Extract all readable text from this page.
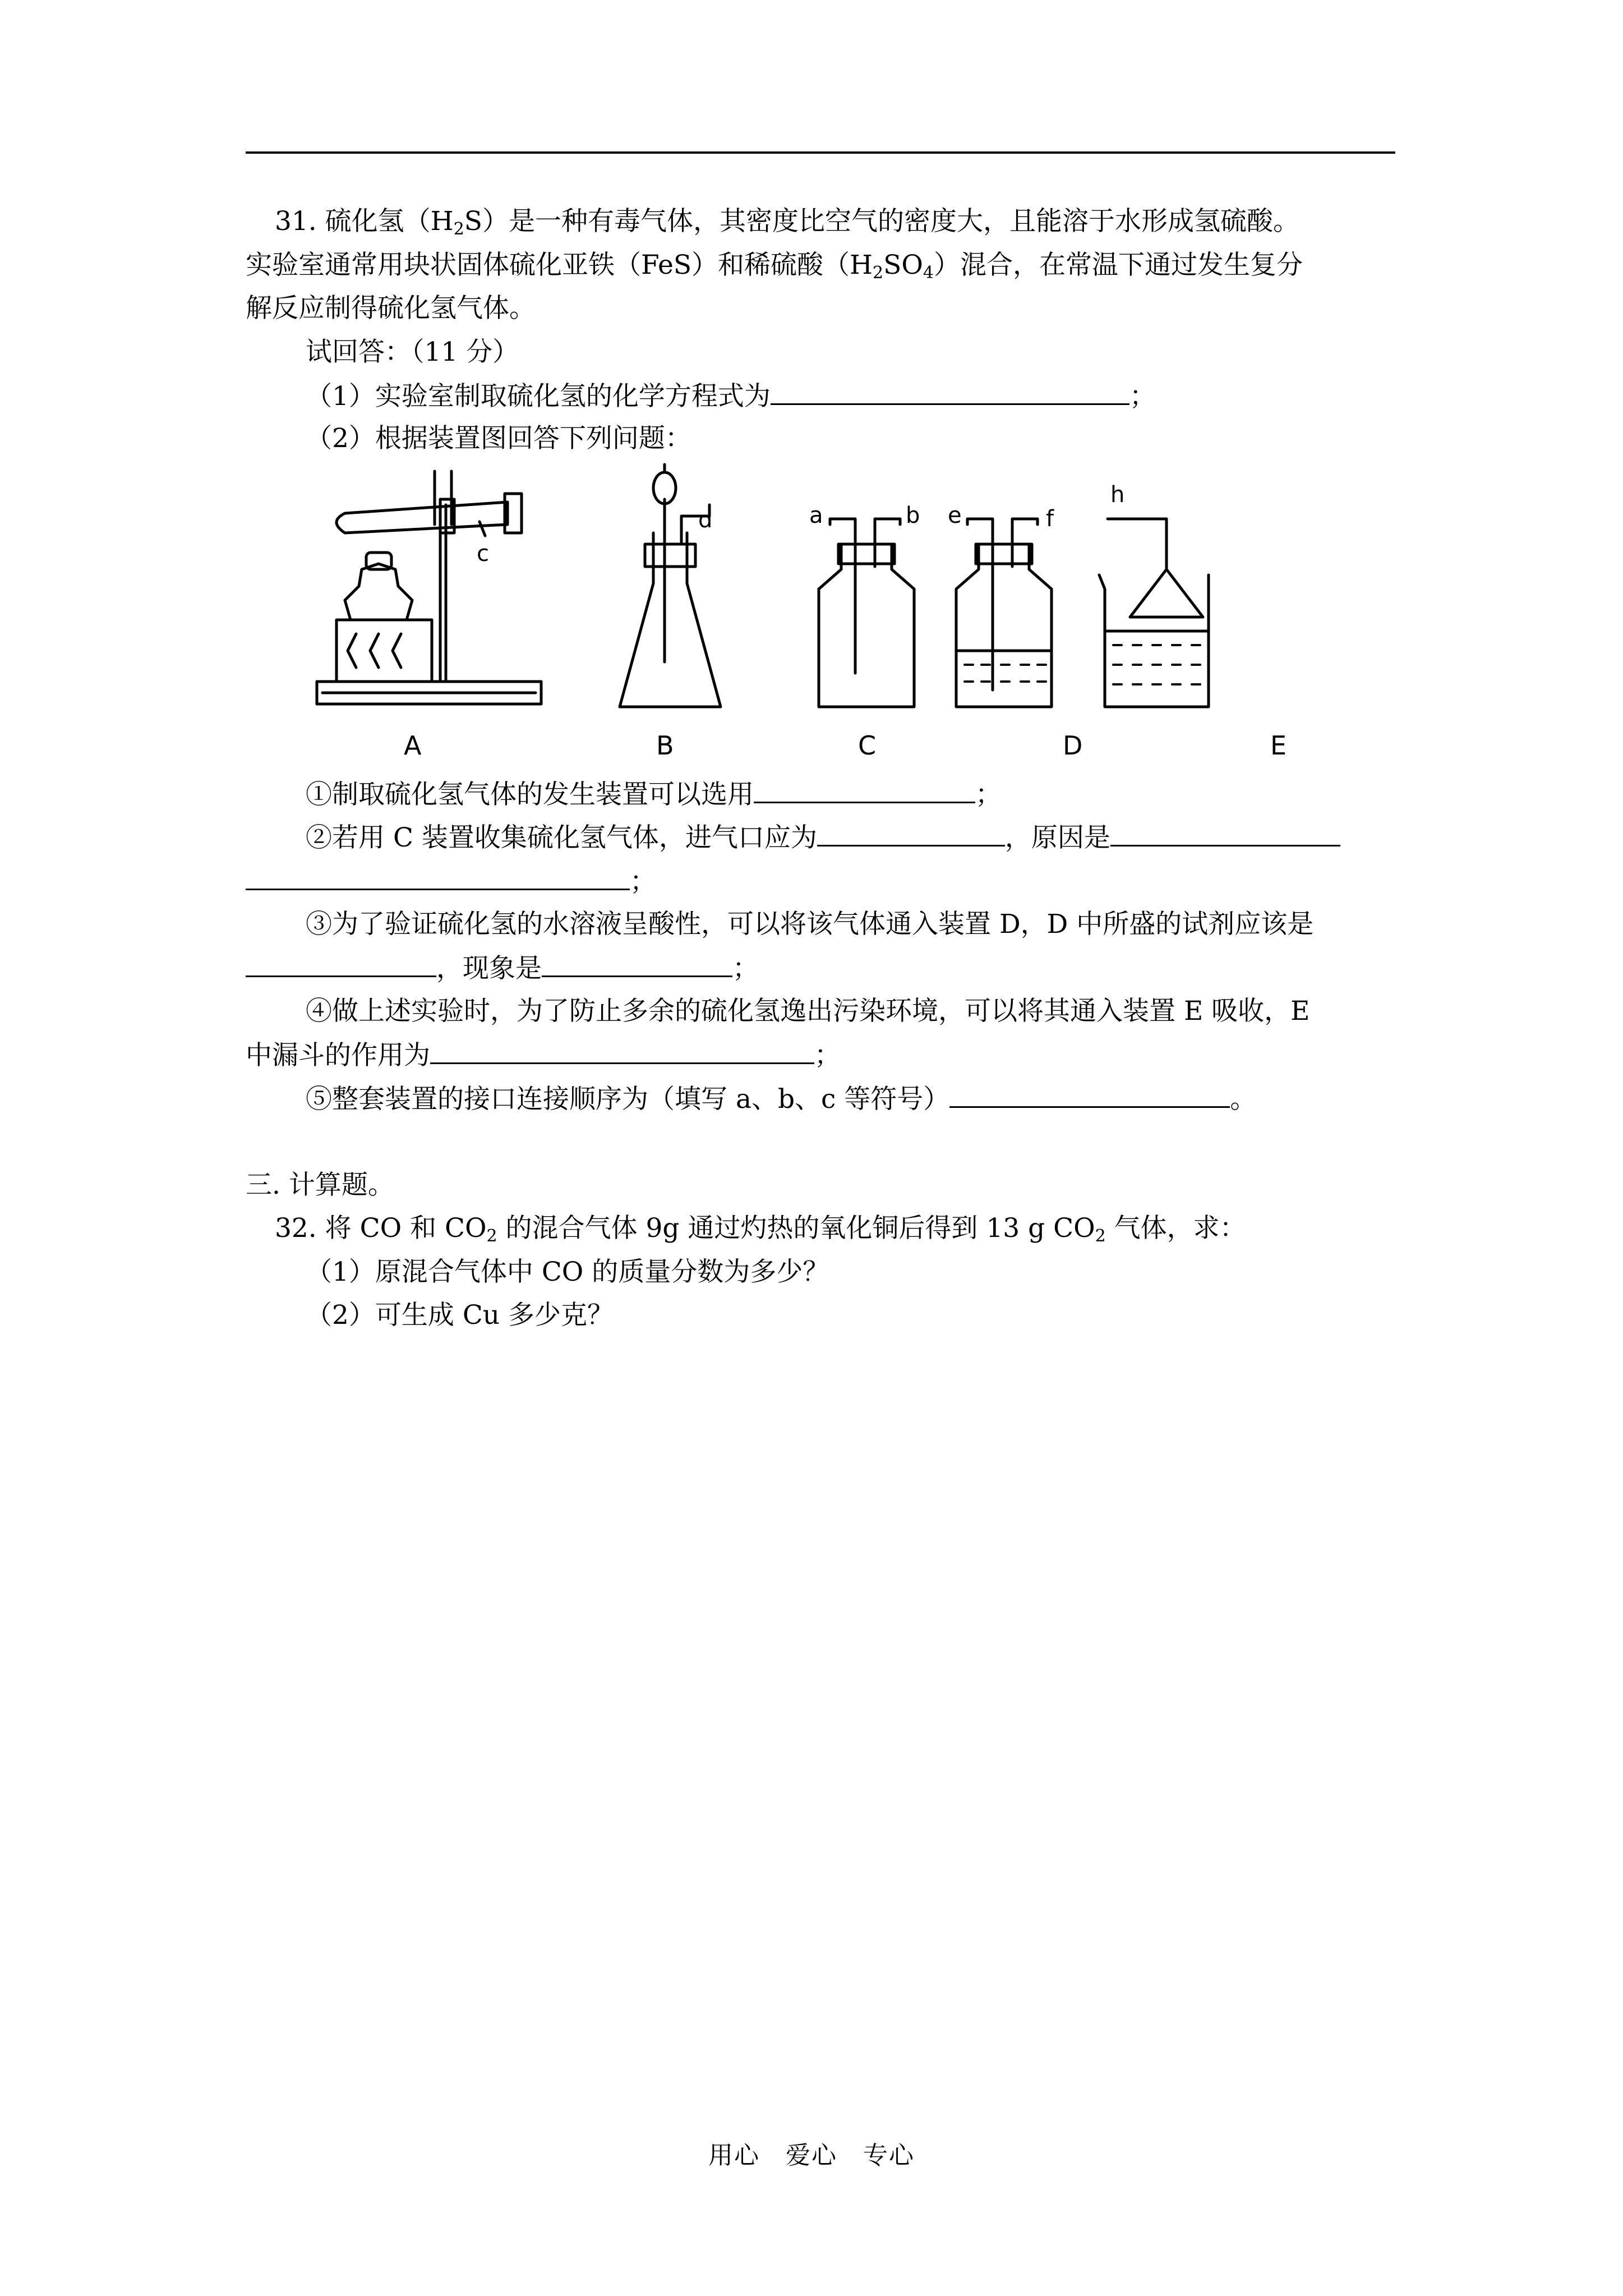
31. 硫化氢$(H_2S)$是一种有毒气体，其密度比空气的密度大，且能溶于水形成氢硫酸。
实验室通常用块状固体硫化亚铁（FeS）和稀硫酸$(H_2SO_4)$混合，在常温下通过发生复分
解反应制得硫化氢气体。
试回答：（11 分）
（1）实验室制取硫化氢的化学方程式为	；
（2）根据装置图回答下列问题：
c
d	a	b e	f
h
A	B	C	D	E
①制取硫化氢气体的发生装置可以选用	；
②若用 C 装置收集硫化氢气体，进气口应为	，原因是
；
③为了验证硫化氢的水溶液呈酸性，可以将该气体通入装置 D，D 中所盛的试剂应该是
，现象是	；
④做上述实验时，为了防止多余的硫化氢逸出污染环境，可以将其通入装置 E 吸收，E
中漏斗的作用为	；
⑤整套装置的接口连接顺序为（填写 a、b、c 等符号）	。
三. 计算题。
32. 将 CO 和 $CO_2$ 的混合气体 9g 通过灼热的氧化铜后得到 13 g $CO_2$ 气体，求：
（1）原混合气体中 CO 的质量分数为多少？
（2）可生成 Cu 多少克？
用心　爱心　专心
